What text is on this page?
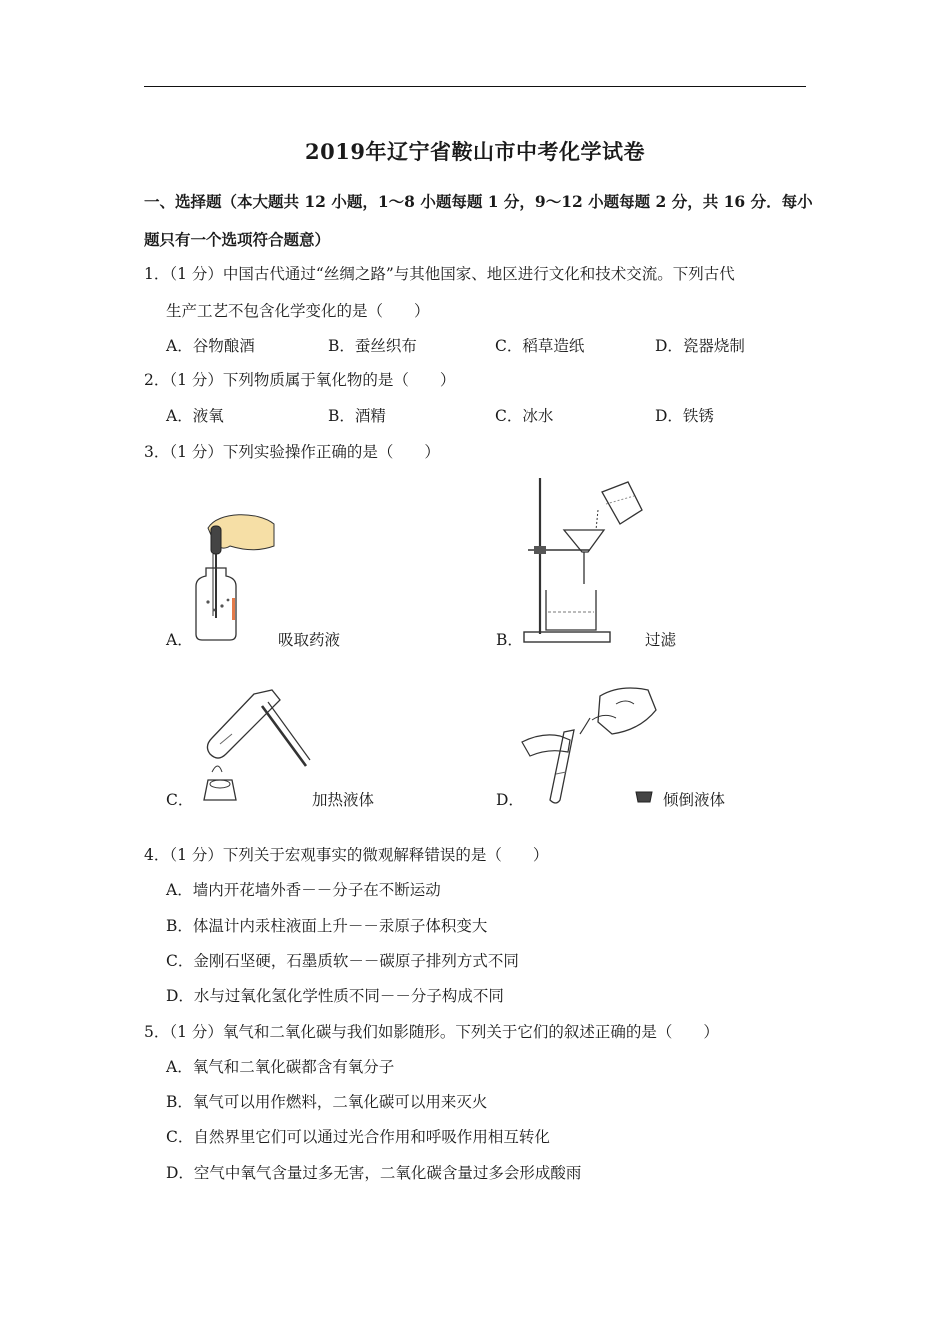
2019年辽宁省鞍山市中考化学试卷
一、选择题（本大题共 12 小题，1～8 小题每题 1 分，9～12 小题每题 2 分，共 16 分．每小
题只有一个选项符合题意）
1．（1 分）中国古代通过“丝绸之路”与其他国家、地区进行文化和技术交流。下列古代
生产工艺不包含化学变化的是（　　）
A．谷物酿酒	B．蚕丝织布	C．稻草造纸	D．瓷器烧制
2．（1 分）下列物质属于氧化物的是（　　）
A．液氧	B．酒精	C．冰水	D．铁锈
3．（1 分）下列实验操作正确的是（　　）
A．	吸取药液	B．	过滤
C．	加热液体	D．	倾倒液体
4．（1 分）下列关于宏观事实的微观解释错误的是（　　）
A．墙内开花墙外香－－分子在不断运动
B．体温计内汞柱液面上升－－汞原子体积变大
C．金刚石坚硬，石墨质软－－碳原子排列方式不同
D．水与过氧化氢化学性质不同－－分子构成不同
5．（1 分）氧气和二氧化碳与我们如影随形。下列关于它们的叙述正确的是（　　）
A．氧气和二氧化碳都含有氧分子
B．氧气可以用作燃料，二氧化碳可以用来灭火
C．自然界里它们可以通过光合作用和呼吸作用相互转化
D．空气中氧气含量过多无害，二氧化碳含量过多会形成酸雨
